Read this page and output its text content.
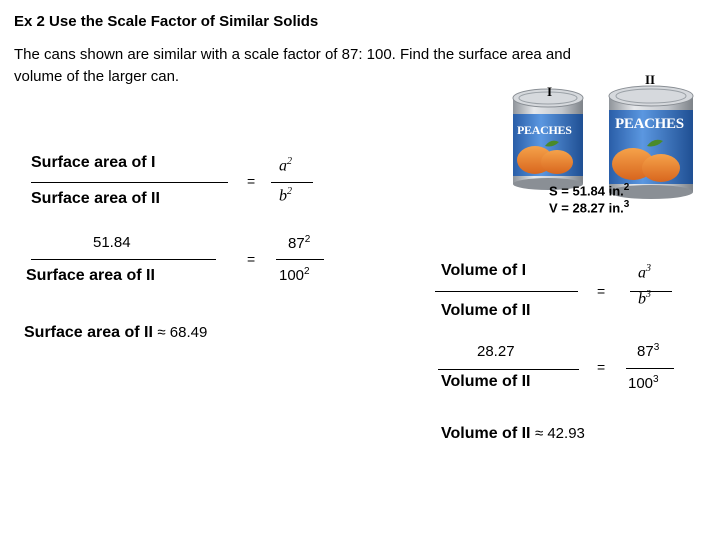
Ex 2 Use the Scale Factor of Similar Solids
The cans shown are similar with a scale factor of 87: 100. Find the surface area and volume of the larger can.
I
II
PEACHES	PEACHES
S = 51.84 in.$^2$
V = 28.27 in.$^3$
Surface area of I
Surface area of II
=
$a^2$
$b^2$
51.84
Surface area of II
=
$87^2$
$100^2$
Surface area of II ≈ 68.49
Volume of I
Volume of II
=
$a^3$
$b^3$
28.27
Volume of II
=
$87^3$
$100^3$
Volume of II ≈ 42.93
